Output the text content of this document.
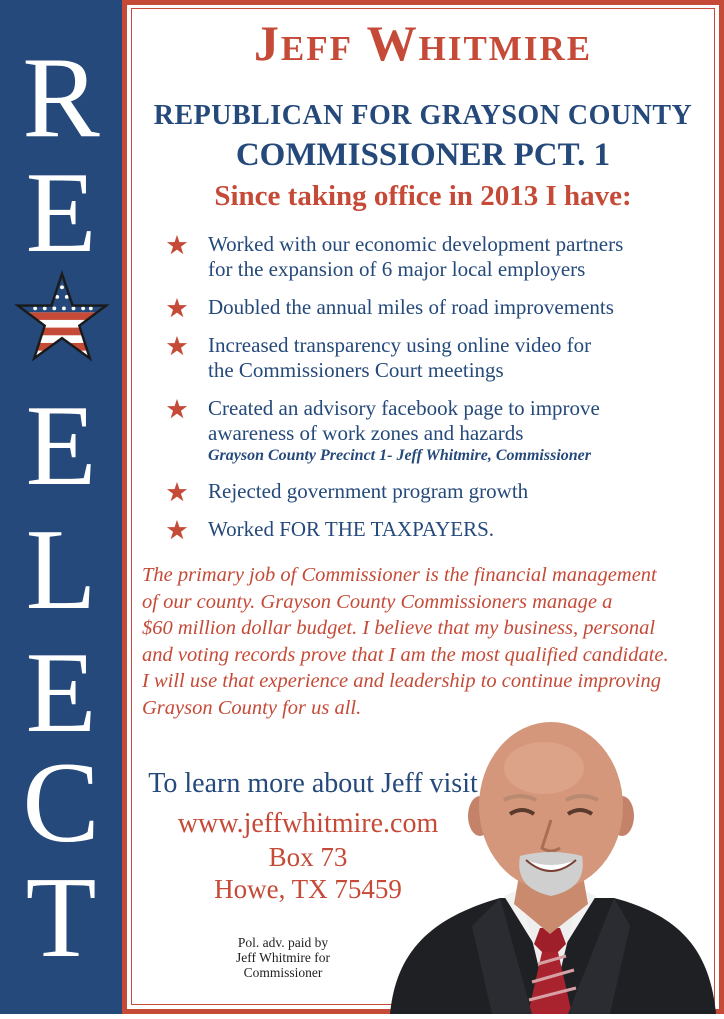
R
E
E
L
E
C
T
Jeff Whitmire
REPUBLICAN FOR GRAYSON COUNTY
COMMISSIONER PCT. 1
Since taking office in 2013 I have:
Worked with our economic development partners
for the expansion of 6 major local employers
Doubled the annual miles of road improvements
Increased transparency using online video for
the Commissioners Court meetings
Created an advisory facebook page to improve
awareness of work zones and hazards
Grayson County Precinct 1- Jeff Whitmire, Commissioner
Rejected government program growth
Worked FOR THE TAXPAYERS.
The primary job of Commissioner is the financial management
of our county. Grayson County Commissioners manage a
$60 million dollar budget. I believe that my business, personal
and voting records prove that I am the most qualified candidate.
I will use that experience and leadership to continue improving
Grayson County for us all.
To learn more about Jeff visit
www.jeffwhitmire.com
Box 73
Howe, TX 75459
Pol. adv. paid by
Jeff Whitmire for
Commissioner
